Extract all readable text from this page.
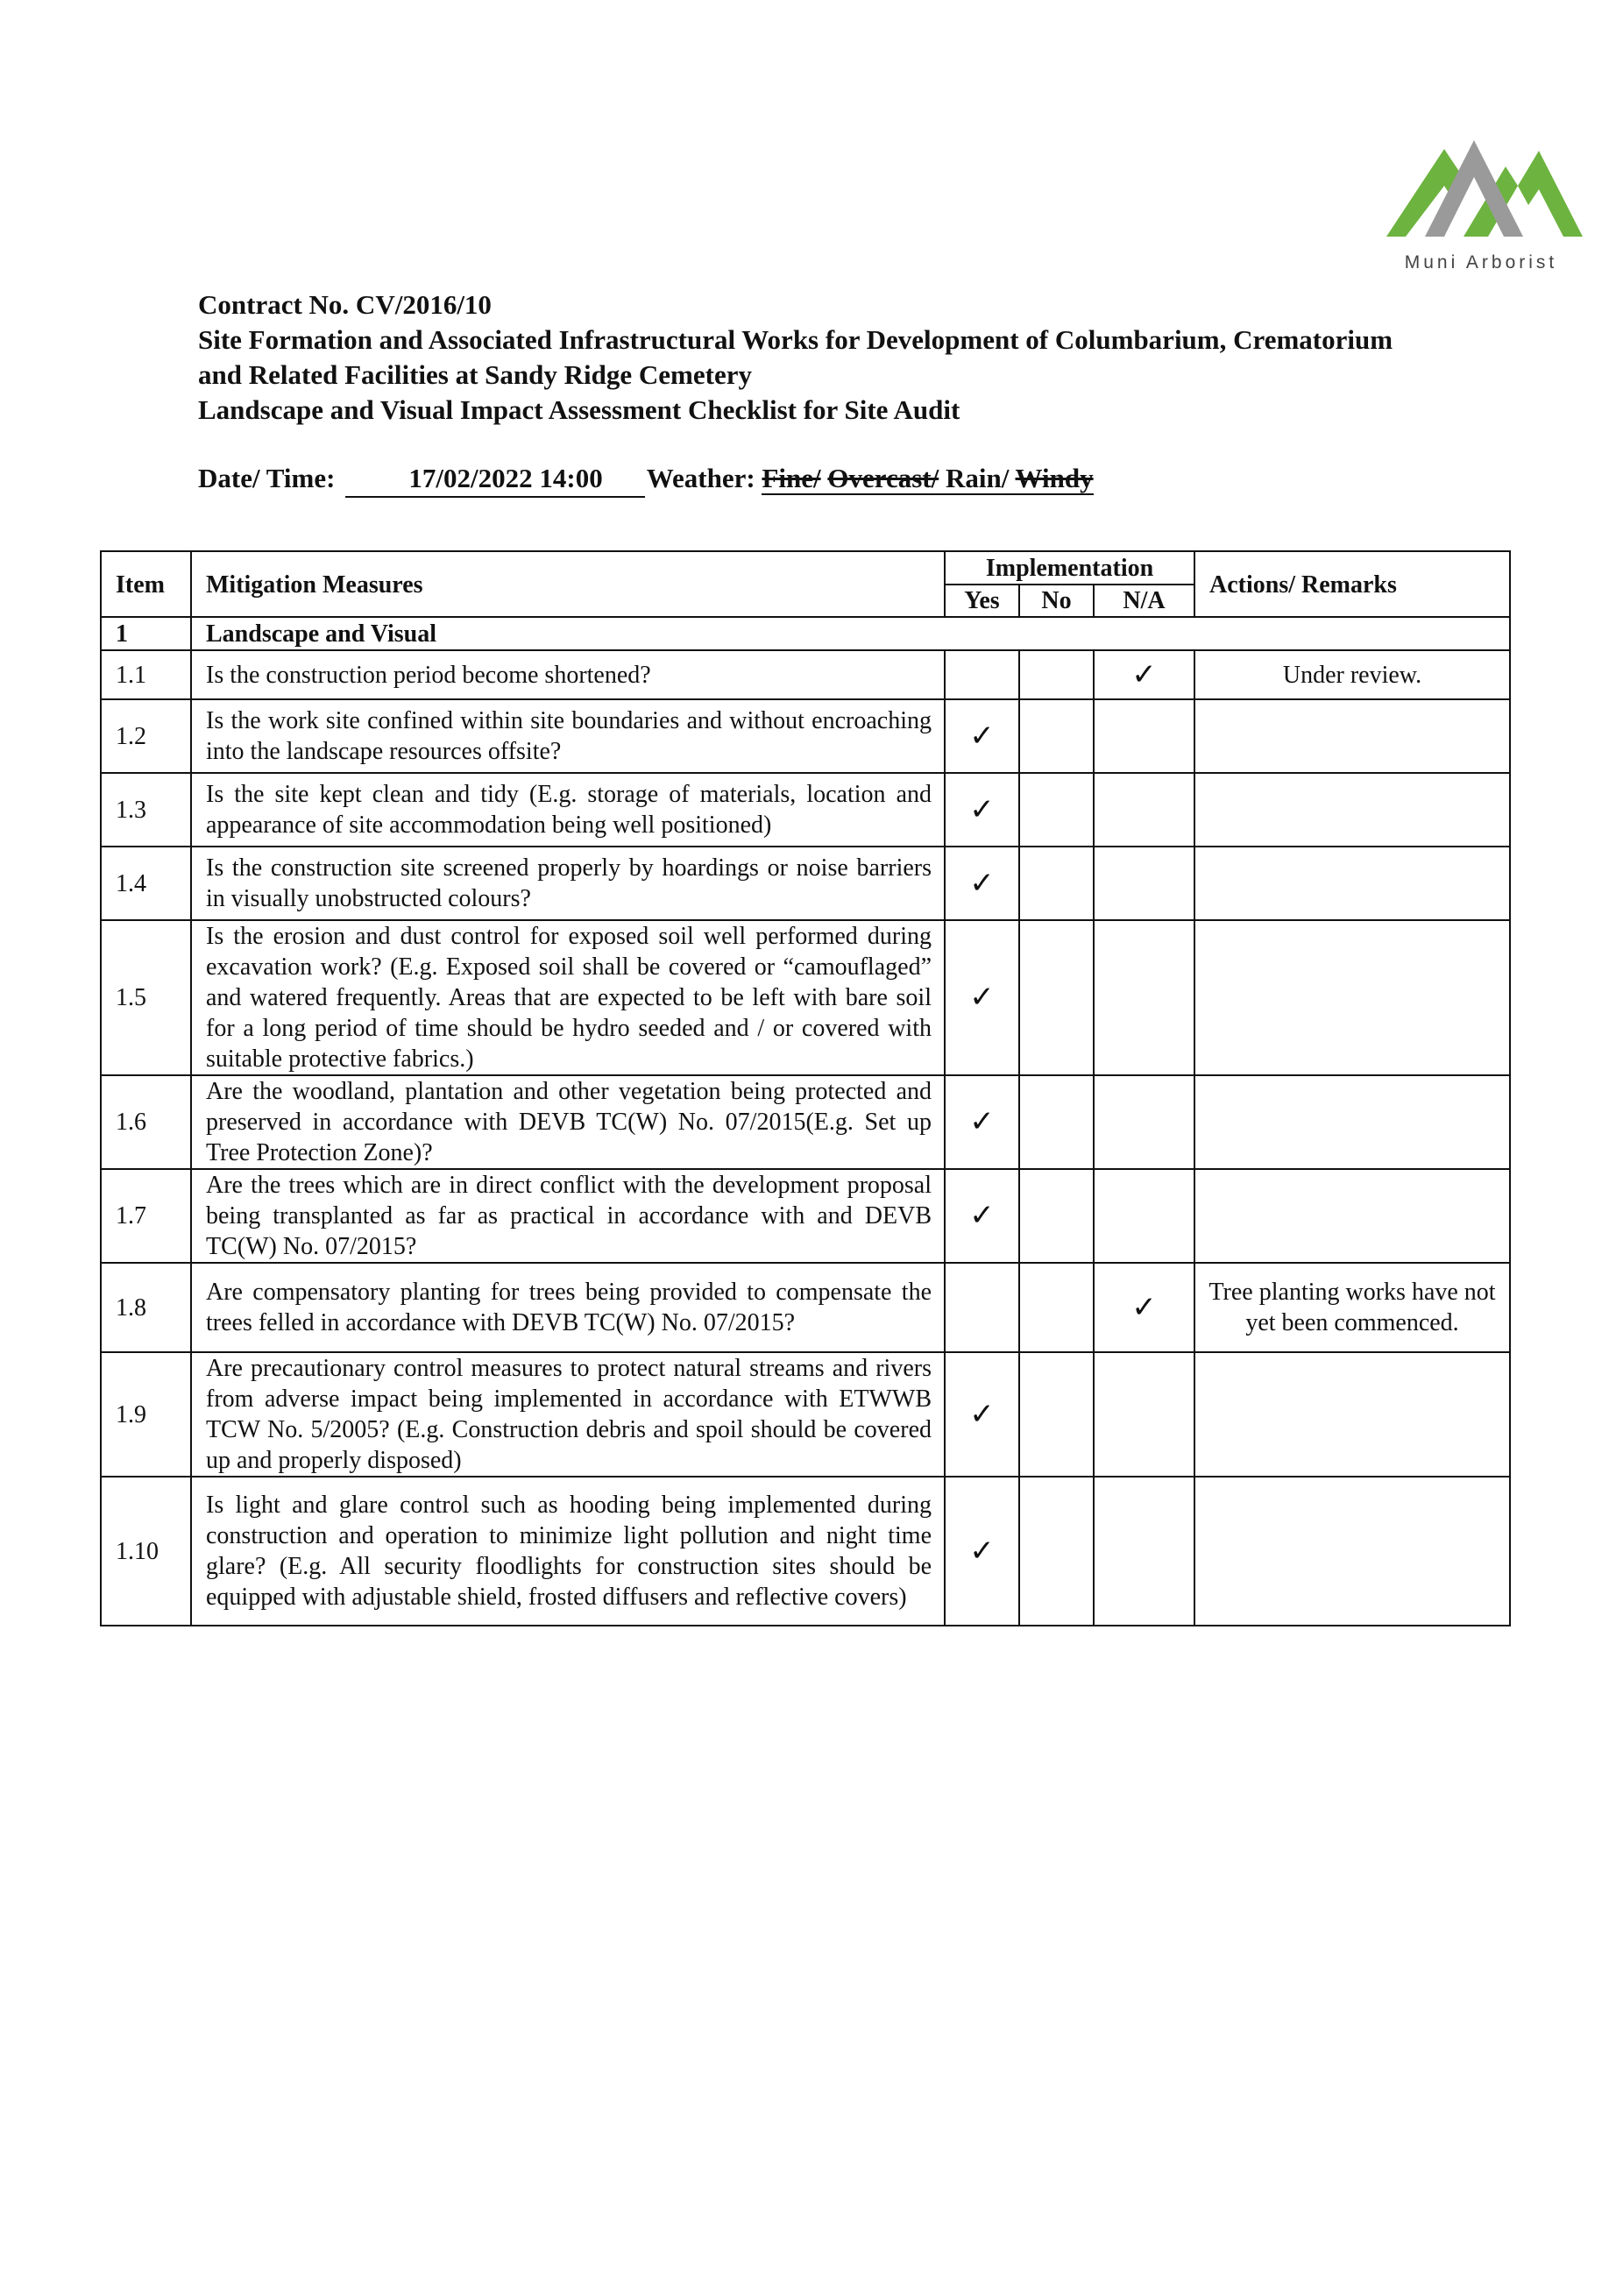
Muni Arborist
Contract No. CV/2016/10
Site Formation and Associated Infrastructural Works for Development of Columbarium, Crematorium
and Related Facilities at Sandy Ridge Cemetery
Landscape and Visual Impact Assessment Checklist for Site Audit
Date/ Time:	17/02/2022 14:00 Weather: Fine/ Overcast/ Rain/ Windy
Item	Mitigation Measures	Implementation			Actions/ Remarks
		Yes	No	N/A	
1	Landscape and Visual				
1.1	Is the construction period become shortened?			✓	Under review.
1.2	Is the work site confined within site boundaries and without encroaching into the landscape resources offsite?	✓			
1.3	Is the site kept clean and tidy (E.g. storage of materials, location and appearance of site accommodation being well positioned)	✓			
1.4	Is the construction site screened properly by hoardings or noise barriers in visually unobstructed colours?	✓			
1.5	Is the erosion and dust control for exposed soil well performed during excavation work? (E.g. Exposed soil shall be covered or “camouflaged” and watered frequently. Areas that are expected to be left with bare soil for a long period of time should be hydro seeded and / or covered with suitable protective fabrics.)	✓			
1.6	Are the woodland, plantation and other vegetation being protected and preserved in accordance with DEVB TC(W) No. 07/2015(E.g. Set up Tree Protection Zone)?	✓			
1.7	Are the trees which are in direct conflict with the development proposal being transplanted as far as practical in accordance with and DEVB TC(W) No. 07/2015?	✓			
1.8	Are compensatory planting for trees being provided to compensate the trees felled in accordance with DEVB TC(W) No. 07/2015?			✓	Tree planting works have not yet been commenced.
1.9	Are precautionary control measures to protect natural streams and rivers from adverse impact being implemented in accordance with ETWWB TCW No. 5/2005? (E.g. Construction debris and spoil should be covered up and properly disposed)	✓			
1.10	Is light and glare control such as hooding being implemented during construction and operation to minimize light pollution and night time glare? (E.g. All security floodlights for construction sites should be equipped with adjustable shield, frosted diffusers and reflective covers)	✓			
